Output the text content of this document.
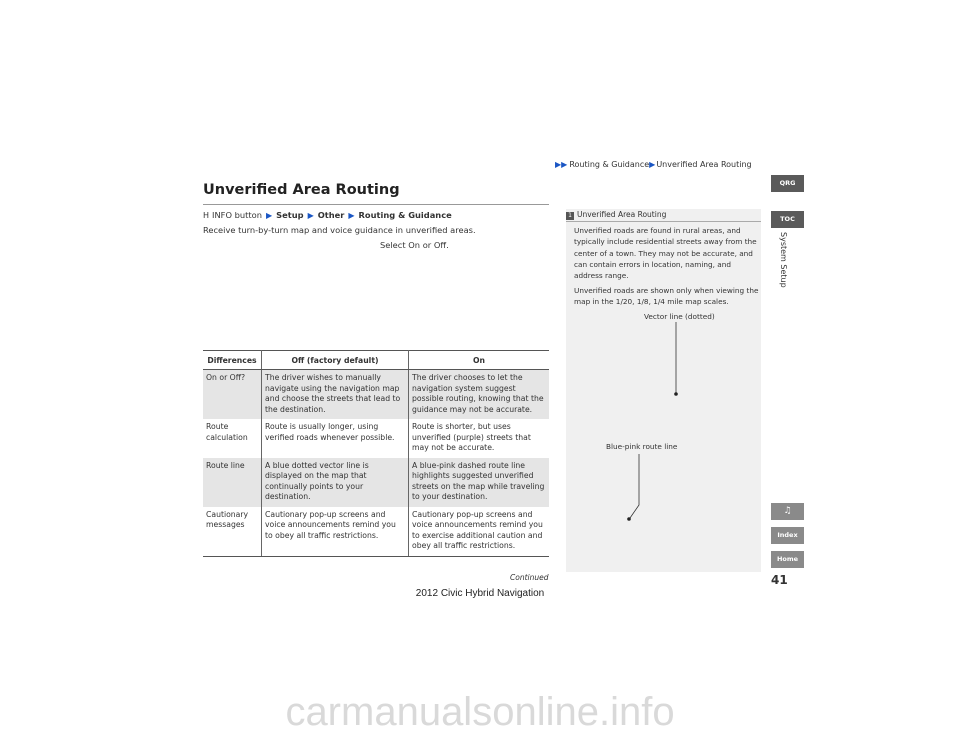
▶▶ Routing & Guidance▶Unverified Area Routing
Unverified Area Routing
H INFO button ▶ Setup ▶ Other ▶ Routing & Guidance
Receive turn-by-turn map and voice guidance in unverified areas.
Select On or Off.
Differences	Off (factory default)	On
On or Off?	The driver wishes to manually navigate using the navigation map and choose the streets that lead to the destination.	The driver chooses to let the navigation system suggest possible routing, knowing that the guidance may not be accurate.
Route calculation	Route is usually longer, using verified roads whenever possible.	Route is shorter, but uses unverified (purple) streets that may not be accurate.
Route line	A blue dotted vector line is displayed on the map that continually points to your destination.	A blue-pink dashed route line highlights suggested unverified streets on the map while traveling to your destination.
Cautionary messages	Cautionary pop-up screens and voice announcements remind you to obey all traffic restrictions.	Cautionary pop-up screens and voice announcements remind you to exercise additional caution and obey all traffic restrictions.
Continued	41
1 Unverified Area Routing
Unverified roads are found in rural areas, and typically include residential streets away from the center of a town. They may not be accurate, and can contain errors in location, naming, and address range.
Unverified roads are shown only when viewing the map in the 1/20, 1/8, 1/4 mile map scales.
Vector line (dotted)
Blue-pink route line
QRG
TOC
System Setup
♫
Index
Home
2012 Civic Hybrid Navigation
carmanualsonline.info
